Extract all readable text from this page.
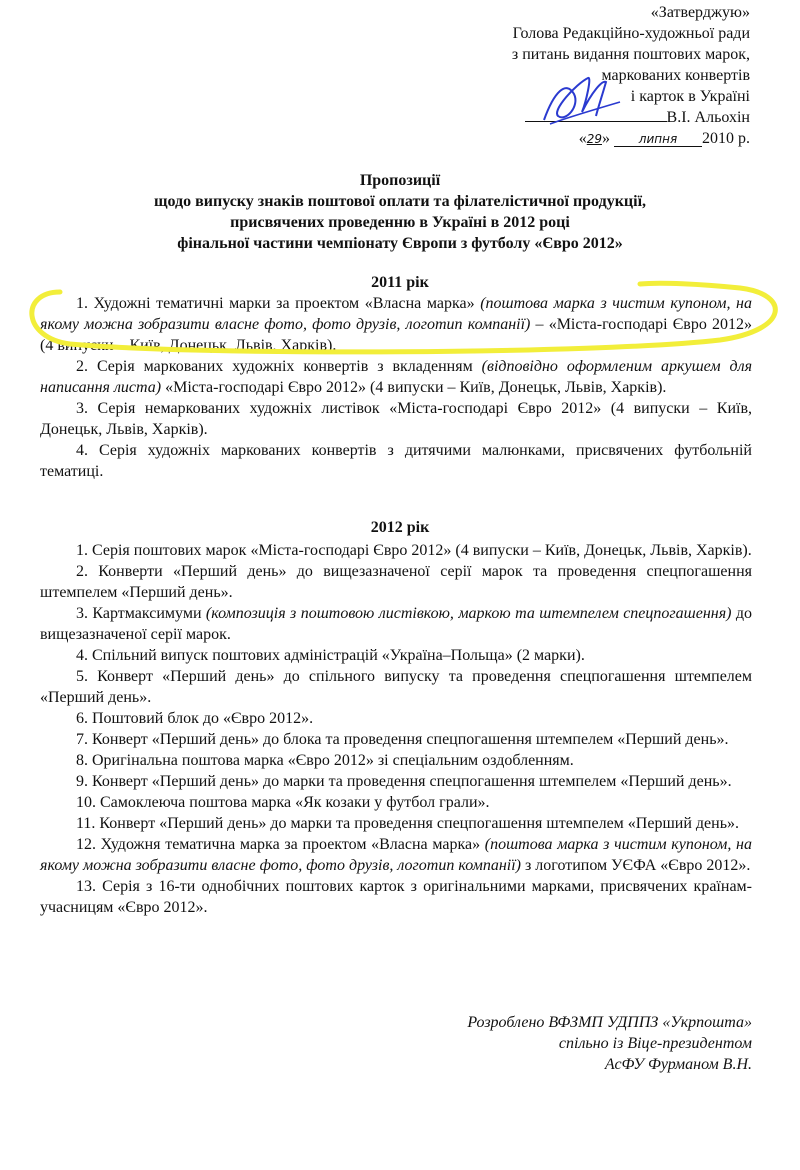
«Затверджую»
Голова Редакційно-художньої ради
з питань видання поштових марок,
маркованих конвертів
і карток в Україні
В.І. Альохін
«29» липня 2010 р.
Пропозиції
щодо випуску знаків поштової оплати та філателістичної продукції,
присвячених проведенню в Україні в 2012 році
фінальної частини чемпіонату Європи з футболу «Євро 2012»
2011 рік

1. Художні тематичні марки за проектом «Власна марка» (поштова марка з чистим купоном, на якому можна зобразити власне фото, фото друзів, логотип компанії) – «Міста-господарі Євро 2012» (4 випуски – Київ, Донецьк, Львів, Харків).

2. Серія маркованих художніх конвертів з вкладенням (відповідно оформленим аркушем для написання листа) «Міста-господарі Євро 2012» (4 випуски – Київ, Донецьк, Львів, Харків).

3. Серія немаркованих художніх листівок «Міста-господарі Євро 2012» (4 випуски – Київ, Донецьк, Львів, Харків).

4. Серія художніх маркованих конвертів з дитячими малюнками, присвячених футбольній тематиці.

2012 рік

1. Серія поштових марок «Міста-господарі Євро 2012» (4 випуски – Київ, Донецьк, Львів, Харків).

2. Конверти «Перший день» до вищезазначеної серії марок та проведення спецпогашення штемпелем «Перший день».

3. Картмаксимуми (композиція з поштовою листівкою, маркою та штемпелем спецпогашення) до вищезазначеної серії марок.

4. Спільний випуск поштових адміністрацій «Україна–Польща» (2 марки).

5. Конверт «Перший день» до спільного випуску та проведення спецпогашення штемпелем «Перший день».

6. Поштовий блок до «Євро 2012».

7. Конверт «Перший день» до блока та проведення спецпогашення штемпелем «Перший день».

8. Оригінальна поштова марка «Євро 2012» зі спеціальним оздобленням.

9. Конверт «Перший день» до марки та проведення спецпогашення штемпелем «Перший день».

10. Самоклеюча поштова марка «Як козаки у футбол грали».

11. Конверт «Перший день» до марки та проведення спецпогашення штемпелем «Перший день».

12. Художня тематична марка за проектом «Власна марка» (поштова марка з чистим купоном, на якому можна зобразити власне фото, фото друзів, логотип компанії) з логотипом УЄФА «Євро 2012».

13. Серія з 16-ти однобічних поштових карток з оригінальними марками, присвячених країнам-учасницям «Євро 2012».

Розроблено ВФЗМП УДППЗ «Укрпошта»
спільно із Віце-президентом
АсФУ Фурманом В.Н.
